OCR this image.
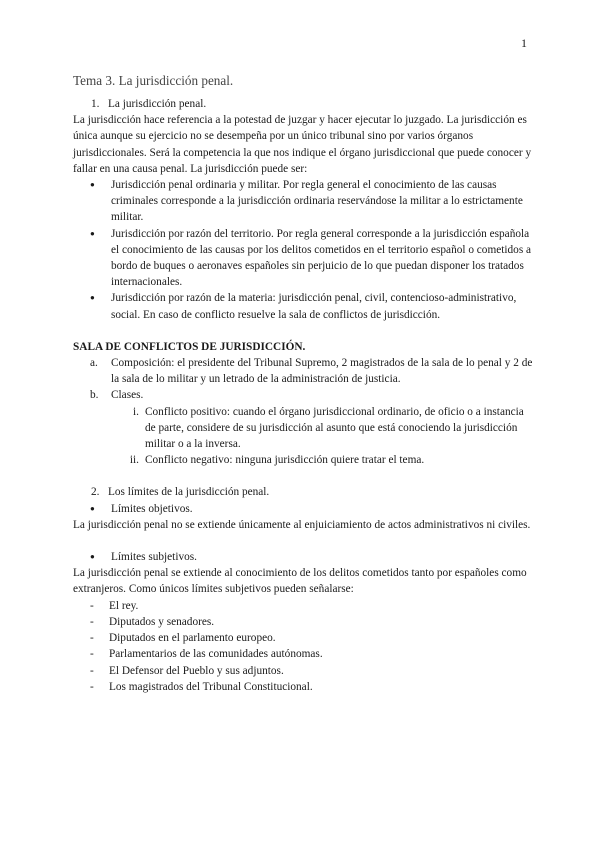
1
Tema 3. La jurisdicción penal.
1. La jurisdicción penal.

La jurisdicción hace referencia a la potestad de juzgar y hacer ejecutar lo juzgado. La jurisdicción es única aunque su ejercicio no se desempeña por un único tribunal sino por varios órganos jurisdiccionales. Será la competencia la que nos indique el órgano jurisdiccional que puede conocer y fallar en una causa penal. La jurisdicción puede ser:

● Jurisdicción penal ordinaria y militar. Por regla general el conocimiento de las causas criminales corresponde a la jurisdicción ordinaria reservándose la militar a lo estrictamente militar.
● Jurisdicción por razón del territorio. Por regla general corresponde a la jurisdicción española el conocimiento de las causas por los delitos cometidos en el territorio español o cometidos a bordo de buques o aeronaves españoles sin perjuicio de lo que puedan disponer los tratados internacionales.
● Jurisdicción por razón de la materia: jurisdicción penal, civil, contencioso-administrativo, social. En caso de conflicto resuelve la sala de conflictos de jurisdicción.

SALA DE CONFLICTOS DE JURISDICCIÓN.

a. Composición: el presidente del Tribunal Supremo, 2 magistrados de la sala de lo penal y 2 de la sala de lo militar y un letrado de la administración de justicia.
b. Clases.
i. Conflicto positivo: cuando el órgano jurisdiccional ordinario, de oficio o a instancia de parte, considere de su jurisdicción al asunto que está conociendo la jurisdicción militar o a la inversa.
ii. Conflicto negativo: ninguna jurisdicción quiere tratar el tema.
2. Los límites de la jurisdicción penal.
● Límites objetivos.

La jurisdicción penal no se extiende únicamente al enjuiciamiento de actos administrativos ni civiles.

● Límites subjetivos.

La jurisdicción penal se extiende al conocimiento de los delitos cometidos tanto por españoles como extranjeros. Como únicos límites subjetivos pueden señalarse:

- El rey.
- Diputados y senadores.
- Diputados en el parlamento europeo.
- Parlamentarios de las comunidades autónomas.
- El Defensor del Pueblo y sus adjuntos.
- Los magistrados del Tribunal Constitucional.
